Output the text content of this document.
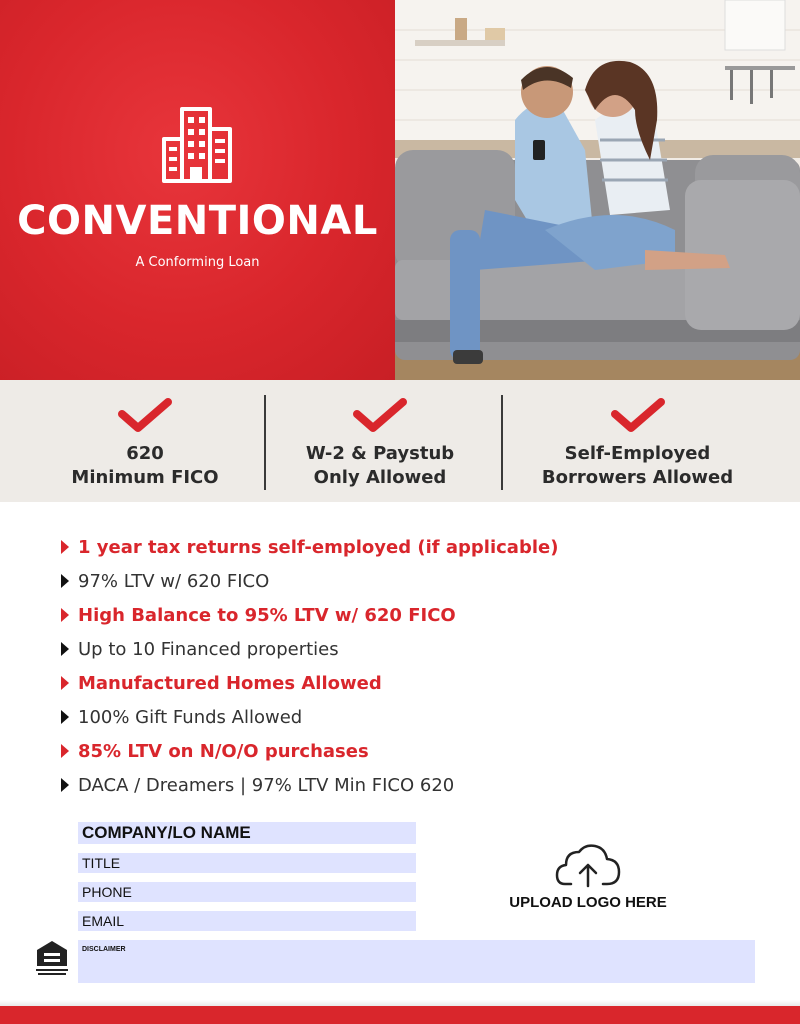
CONVENTIONAL
A Conforming Loan
620
Minimum FICO
W-2 & Paystub
Only Allowed
Self-Employed
Borrowers Allowed
1 year tax returns self-employed (if applicable)
97% LTV w/ 620 FICO
High Balance to 95% LTV w/ 620 FICO
Up to 10 Financed properties
Manufactured Homes Allowed
100% Gift Funds Allowed
85% LTV on N/O/O purchases
DACA / Dreamers | 97% LTV Min FICO 620
COMPANY/LO NAME
TITLE
PHONE
EMAIL
DISCLAIMER
UPLOAD LOGO HERE
